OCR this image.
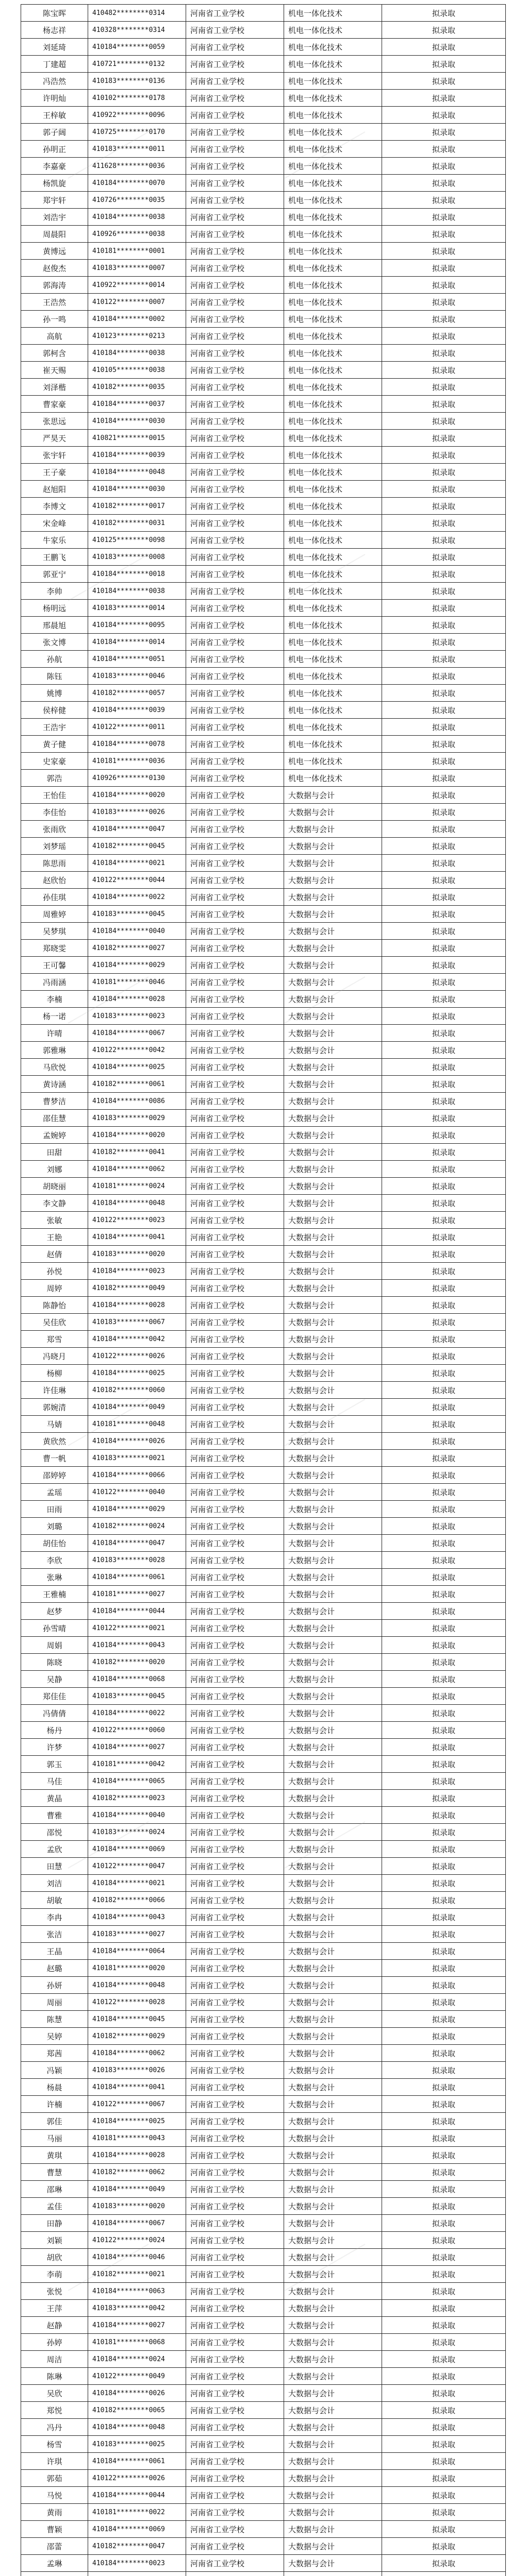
陈宝晖	410482********0314	河南省工业学校	机电一体化技术	拟录取
杨志祥	410328********0314	河南省工业学校	机电一体化技术	拟录取
刘延琦	410184********0059	河南省工业学校	机电一体化技术	拟录取
丁建超	410721********0132	河南省工业学校	机电一体化技术	拟录取
冯浩然	410183********0136	河南省工业学校	机电一体化技术	拟录取
许明灿	410102********0178	河南省工业学校	机电一体化技术	拟录取
王梓敏	410922********0096	河南省工业学校	机电一体化技术	拟录取
郭子阔	410725********0170	河南省工业学校	机电一体化技术	拟录取
孙明正	410183********0011	河南省工业学校	机电一体化技术	拟录取
李嘉豪	411628********0036	河南省工业学校	机电一体化技术	拟录取
杨凯旋	410184********0070	河南省工业学校	机电一体化技术	拟录取
郑宇轩	410726********0035	河南省工业学校	机电一体化技术	拟录取
刘浩宇	410184********0038	河南省工业学校	机电一体化技术	拟录取
周晨阳	410926********0038	河南省工业学校	机电一体化技术	拟录取
黄博远	410181********0001	河南省工业学校	机电一体化技术	拟录取
赵俊杰	410183********0007	河南省工业学校	机电一体化技术	拟录取
郭海涛	410922********0014	河南省工业学校	机电一体化技术	拟录取
王浩然	410122********0007	河南省工业学校	机电一体化技术	拟录取
孙一鸣	410184********0002	河南省工业学校	机电一体化技术	拟录取
高航	410123********0213	河南省工业学校	机电一体化技术	拟录取
郭柯含	410184********0038	河南省工业学校	机电一体化技术	拟录取
崔天赐	410105********0038	河南省工业学校	机电一体化技术	拟录取
刘泽楷	410182********0035	河南省工业学校	机电一体化技术	拟录取
曹家豪	410184********0037	河南省工业学校	机电一体化技术	拟录取
张思远	410184********0030	河南省工业学校	机电一体化技术	拟录取
严昊天	410821********0015	河南省工业学校	机电一体化技术	拟录取
张宇轩	410184********0039	河南省工业学校	机电一体化技术	拟录取
王子豪	410184********0048	河南省工业学校	机电一体化技术	拟录取
赵旭阳	410184********0030	河南省工业学校	机电一体化技术	拟录取
李博文	410182********0017	河南省工业学校	机电一体化技术	拟录取
宋金峰	410182********0031	河南省工业学校	机电一体化技术	拟录取
牛家乐	410125********0098	河南省工业学校	机电一体化技术	拟录取
王鹏飞	410183********0008	河南省工业学校	机电一体化技术	拟录取
郭亚宁	410184********0018	河南省工业学校	机电一体化技术	拟录取
李帅	410184********0038	河南省工业学校	机电一体化技术	拟录取
杨明远	410183********0014	河南省工业学校	机电一体化技术	拟录取
邢晨旭	410184********0095	河南省工业学校	机电一体化技术	拟录取
张文博	410184********0014	河南省工业学校	机电一体化技术	拟录取
孙航	410184********0051	河南省工业学校	机电一体化技术	拟录取
陈钰	410183********0046	河南省工业学校	机电一体化技术	拟录取
姚博	410182********0057	河南省工业学校	机电一体化技术	拟录取
侯梓健	410184********0039	河南省工业学校	机电一体化技术	拟录取
王浩宇	410122********0011	河南省工业学校	机电一体化技术	拟录取
黄子健	410184********0078	河南省工业学校	机电一体化技术	拟录取
史家豪	410181********0036	河南省工业学校	机电一体化技术	拟录取
郭浩	410926********0130	河南省工业学校	机电一体化技术	拟录取
王怡佳	410184********0020	河南省工业学校	大数据与会计	拟录取
李佳怡	410183********0026	河南省工业学校	大数据与会计	拟录取
张雨欣	410184********0047	河南省工业学校	大数据与会计	拟录取
刘梦瑶	410182********0045	河南省工业学校	大数据与会计	拟录取
陈思雨	410184********0021	河南省工业学校	大数据与会计	拟录取
赵欣怡	410122********0044	河南省工业学校	大数据与会计	拟录取
孙佳琪	410184********0022	河南省工业学校	大数据与会计	拟录取
周雅婷	410183********0045	河南省工业学校	大数据与会计	拟录取
吴梦琪	410184********0040	河南省工业学校	大数据与会计	拟录取
郑晓雯	410182********0027	河南省工业学校	大数据与会计	拟录取
王可馨	410184********0029	河南省工业学校	大数据与会计	拟录取
冯雨涵	410181********0046	河南省工业学校	大数据与会计	拟录取
李楠	410184********0028	河南省工业学校	大数据与会计	拟录取
杨一诺	410183********0023	河南省工业学校	大数据与会计	拟录取
许晴	410184********0067	河南省工业学校	大数据与会计	拟录取
郭雅琳	410122********0042	河南省工业学校	大数据与会计	拟录取
马欣悦	410184********0025	河南省工业学校	大数据与会计	拟录取
黄诗涵	410182********0061	河南省工业学校	大数据与会计	拟录取
曹梦洁	410184********0086	河南省工业学校	大数据与会计	拟录取
邵佳慧	410183********0029	河南省工业学校	大数据与会计	拟录取
孟婉婷	410184********0020	河南省工业学校	大数据与会计	拟录取
田甜	410182********0041	河南省工业学校	大数据与会计	拟录取
刘娜	410184********0062	河南省工业学校	大数据与会计	拟录取
胡晓丽	410181********0024	河南省工业学校	大数据与会计	拟录取
李文静	410184********0048	河南省工业学校	大数据与会计	拟录取
张敏	410122********0023	河南省工业学校	大数据与会计	拟录取
王艳	410184********0041	河南省工业学校	大数据与会计	拟录取
赵倩	410183********0020	河南省工业学校	大数据与会计	拟录取
孙悦	410184********0023	河南省工业学校	大数据与会计	拟录取
周婷	410182********0049	河南省工业学校	大数据与会计	拟录取
陈静怡	410184********0028	河南省工业学校	大数据与会计	拟录取
吴佳欣	410183********0067	河南省工业学校	大数据与会计	拟录取
郑雪	410184********0042	河南省工业学校	大数据与会计	拟录取
冯晓月	410122********0026	河南省工业学校	大数据与会计	拟录取
杨柳	410184********0025	河南省工业学校	大数据与会计	拟录取
许佳琳	410182********0060	河南省工业学校	大数据与会计	拟录取
郭婉清	410184********0049	河南省工业学校	大数据与会计	拟录取
马婧	410181********0048	河南省工业学校	大数据与会计	拟录取
黄欣然	410184********0026	河南省工业学校	大数据与会计	拟录取
曹一帆	410183********0021	河南省工业学校	大数据与会计	拟录取
邵婷婷	410184********0066	河南省工业学校	大数据与会计	拟录取
孟瑶	410122********0040	河南省工业学校	大数据与会计	拟录取
田雨	410184********0029	河南省工业学校	大数据与会计	拟录取
刘璐	410182********0024	河南省工业学校	大数据与会计	拟录取
胡佳怡	410184********0047	河南省工业学校	大数据与会计	拟录取
李欣	410183********0028	河南省工业学校	大数据与会计	拟录取
张琳	410184********0061	河南省工业学校	大数据与会计	拟录取
王雅楠	410181********0027	河南省工业学校	大数据与会计	拟录取
赵梦	410184********0044	河南省工业学校	大数据与会计	拟录取
孙雪晴	410122********0021	河南省工业学校	大数据与会计	拟录取
周娟	410184********0043	河南省工业学校	大数据与会计	拟录取
陈晓	410182********0020	河南省工业学校	大数据与会计	拟录取
吴静	410184********0068	河南省工业学校	大数据与会计	拟录取
郑佳佳	410183********0045	河南省工业学校	大数据与会计	拟录取
冯倩倩	410184********0022	河南省工业学校	大数据与会计	拟录取
杨丹	410122********0060	河南省工业学校	大数据与会计	拟录取
许梦	410184********0027	河南省工业学校	大数据与会计	拟录取
郭玉	410181********0042	河南省工业学校	大数据与会计	拟录取
马佳	410184********0065	河南省工业学校	大数据与会计	拟录取
黄晶	410182********0023	河南省工业学校	大数据与会计	拟录取
曹雅	410184********0040	河南省工业学校	大数据与会计	拟录取
邵悦	410183********0024	河南省工业学校	大数据与会计	拟录取
孟欣	410184********0069	河南省工业学校	大数据与会计	拟录取
田慧	410122********0047	河南省工业学校	大数据与会计	拟录取
刘洁	410184********0021	河南省工业学校	大数据与会计	拟录取
胡敏	410182********0066	河南省工业学校	大数据与会计	拟录取
李冉	410184********0043	河南省工业学校	大数据与会计	拟录取
张洁	410183********0027	河南省工业学校	大数据与会计	拟录取
王晶	410184********0064	河南省工业学校	大数据与会计	拟录取
赵璐	410181********0020	河南省工业学校	大数据与会计	拟录取
孙妍	410184********0048	河南省工业学校	大数据与会计	拟录取
周丽	410122********0028	河南省工业学校	大数据与会计	拟录取
陈慧	410184********0045	河南省工业学校	大数据与会计	拟录取
吴婷	410182********0029	河南省工业学校	大数据与会计	拟录取
郑茜	410184********0062	河南省工业学校	大数据与会计	拟录取
冯颖	410183********0026	河南省工业学校	大数据与会计	拟录取
杨晨	410184********0041	河南省工业学校	大数据与会计	拟录取
许楠	410122********0067	河南省工业学校	大数据与会计	拟录取
郭佳	410184********0025	河南省工业学校	大数据与会计	拟录取
马丽	410181********0043	河南省工业学校	大数据与会计	拟录取
黄琪	410184********0028	河南省工业学校	大数据与会计	拟录取
曹慧	410182********0062	河南省工业学校	大数据与会计	拟录取
邵琳	410184********0049	河南省工业学校	大数据与会计	拟录取
孟佳	410183********0020	河南省工业学校	大数据与会计	拟录取
田静	410184********0067	河南省工业学校	大数据与会计	拟录取
刘颖	410122********0024	河南省工业学校	大数据与会计	拟录取
胡欣	410184********0046	河南省工业学校	大数据与会计	拟录取
李萌	410182********0021	河南省工业学校	大数据与会计	拟录取
张悦	410184********0063	河南省工业学校	大数据与会计	拟录取
王萍	410183********0042	河南省工业学校	大数据与会计	拟录取
赵静	410184********0027	河南省工业学校	大数据与会计	拟录取
孙婷	410181********0068	河南省工业学校	大数据与会计	拟录取
周洁	410184********0024	河南省工业学校	大数据与会计	拟录取
陈琳	410122********0049	河南省工业学校	大数据与会计	拟录取
吴欣	410184********0026	河南省工业学校	大数据与会计	拟录取
郑悦	410182********0065	河南省工业学校	大数据与会计	拟录取
冯丹	410184********0048	河南省工业学校	大数据与会计	拟录取
杨雪	410183********0025	河南省工业学校	大数据与会计	拟录取
许琪	410184********0061	河南省工业学校	大数据与会计	拟录取
郭茹	410122********0026	河南省工业学校	大数据与会计	拟录取
马悦	410184********0044	河南省工业学校	大数据与会计	拟录取
黄雨	410181********0022	河南省工业学校	大数据与会计	拟录取
曹颖	410184********0069	河南省工业学校	大数据与会计	拟录取
邵蕾	410182********0047	河南省工业学校	大数据与会计	拟录取
孟琳	410184********0023	河南省工业学校	大数据与会计	拟录取
